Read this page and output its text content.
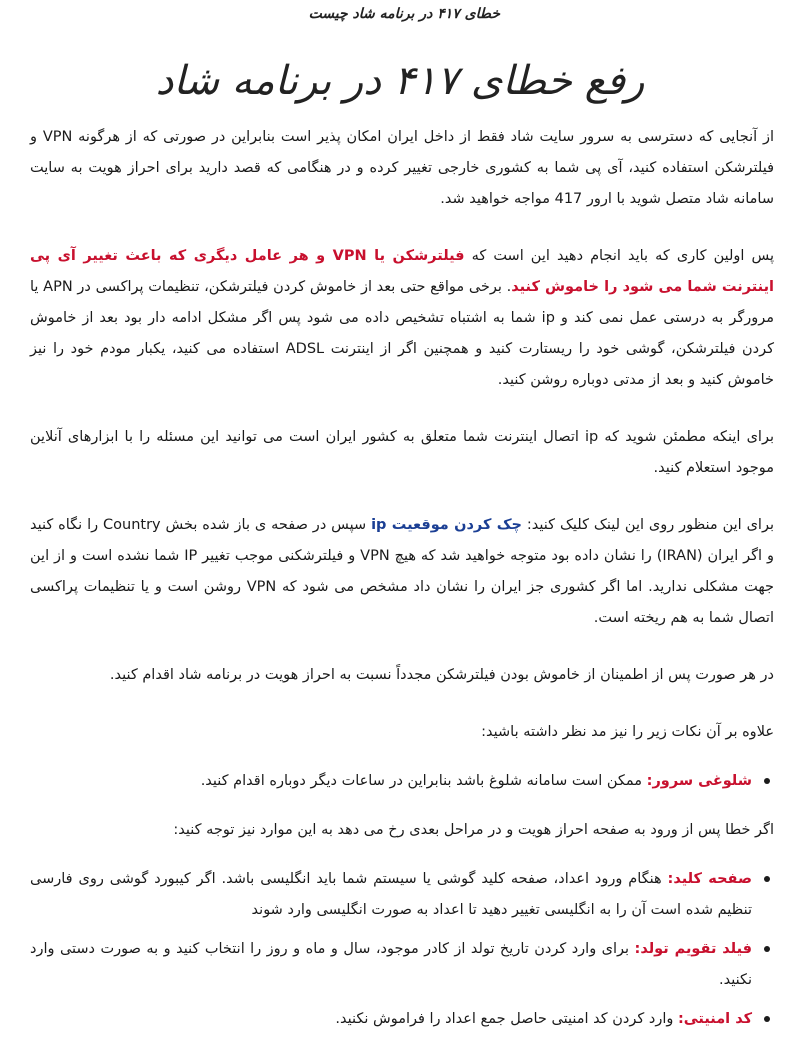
خطای ۴۱۷ در برنامه شاد چیست
رفع خطای ۴۱۷ در برنامه شاد

از آنجایی که دسترسی به سرور سایت شاد فقط از داخل ایران امکان پذیر است بنابراین در صورتی که از هرگونه VPN و فیلترشکن استفاده کنید، آی پی شما به کشوری خارجی تغییر کرده و در هنگامی که قصد دارید برای احراز هویت به سایت سامانه شاد متصل شوید با ارور 417 مواجه خواهید شد.

پس اولین کاری که باید انجام دهید این است که فیلترشکن یا VPN و هر عامل دیگری که باعث تغییر آی پی اینترنت شما می شود را خاموش کنید. برخی مواقع حتی بعد از خاموش کردن فیلترشکن، تنظیمات پراکسی در APN یا مرورگر به درستی عمل نمی کند و ip شما به اشتباه تشخیص داده می شود پس اگر مشکل ادامه دار بود بعد از خاموش کردن فیلترشکن، گوشی خود را ریستارت کنید و همچنین اگر از اینترنت ADSL استفاده می کنید، یکبار مودم خود را نیز خاموش کنید و بعد از مدتی دوباره روشن کنید.

برای اینکه مطمئن شوید که ip اتصال اینترنت شما متعلق به کشور ایران است می توانید این مسئله را با ابزارهای آنلاین موجود استعلام کنید.

برای این منظور روی این لینک کلیک کنید: چک کردن موقعیت ip سپس در صفحه ی باز شده بخش Country را نگاه کنید و اگر ایران (IRAN) را نشان داده بود متوجه خواهید شد که هیچ VPN و فیلترشکنی موجب تغییر IP شما نشده است و از این جهت مشکلی ندارید. اما اگر کشوری جز ایران را نشان داد مشخص می شود که VPN روشن است و یا تنظیمات پراکسی اتصال شما به هم ریخته است.

در هر صورت پس از اطمینان از خاموش بودن فیلترشکن مجدداً نسبت به احراز هویت در برنامه شاد اقدام کنید.

علاوه بر آن نکات زیر را نیز مد نظر داشته باشید:

شلوغی سرور: ممکن است سامانه شلوغ باشد بنابراین در ساعات دیگر دوباره اقدام کنید.

اگر خطا پس از ورود به صفحه احراز هویت و در مراحل بعدی رخ می دهد به این موارد نیز توجه کنید:

صفحه کلید: هنگام ورود اعداد، صفحه کلید گوشی یا سیستم شما باید انگلیسی باشد. اگر کیبورد گوشی روی فارسی تنظیم شده است آن را به انگلیسی تغییر دهید تا اعداد به صورت انگلیسی وارد شوند
فیلد تقویم تولد: برای وارد کردن تاریخ تولد از کادر موجود، سال و ماه و روز را انتخاب کنید و به صورت دستی وارد نکنید.
کد امنیتی: وارد کردن کد امنیتی حاصل جمع اعداد را فراموش نکنید.
